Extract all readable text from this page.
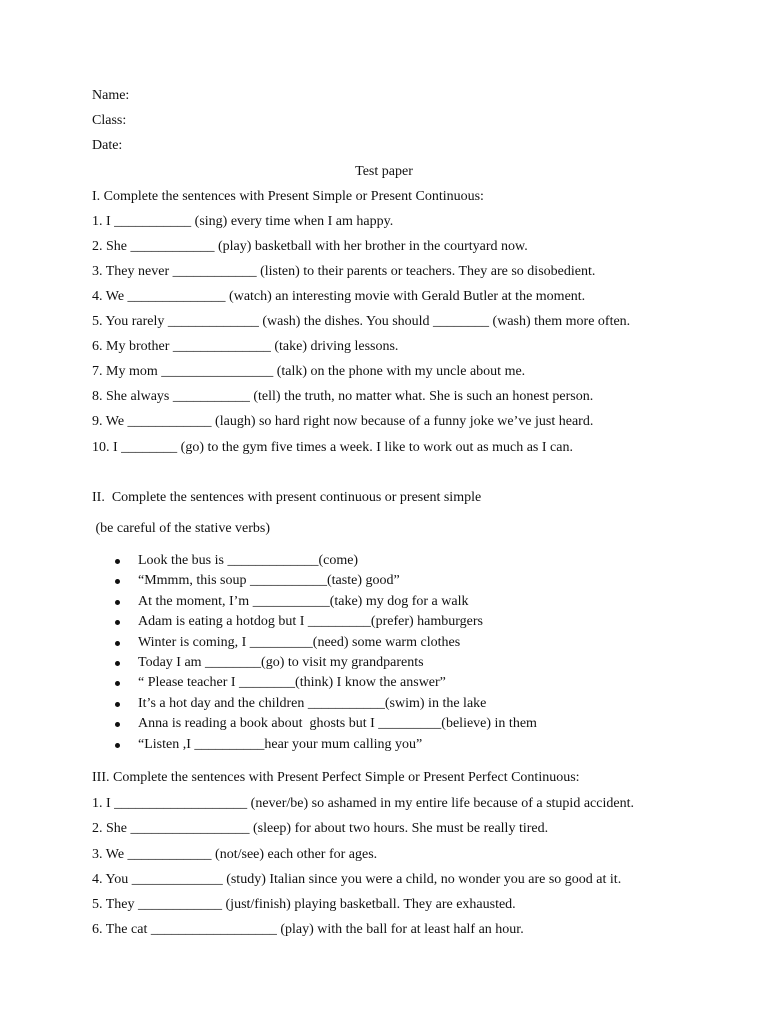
Name:
Class:
Date:
Test paper
I. Complete the sentences with Present Simple or Present Continuous:
1. I ___________ (sing) every time when I am happy.
2. She ____________ (play) basketball with her brother in the courtyard now.
3. They never ____________ (listen) to their parents or teachers. They are so disobedient.
4. We ______________ (watch) an interesting movie with Gerald Butler at the moment.
5. You rarely _____________ (wash) the dishes. You should ________ (wash) them more often.
6. My brother ______________ (take) driving lessons.
7. My mom ________________ (talk) on the phone with my uncle about me.
8. She always ___________ (tell) the truth, no matter what. She is such an honest person.
9. We ____________ (laugh) so hard right now because of a funny joke we’ve just heard.
10. I ________ (go) to the gym five times a week. I like to work out as much as I can.
II.  Complete the sentences with present continuous or present simple
(be careful of the stative verbs)
Look the bus is _____________(come)
“Mmmm, this soup ___________(taste) good”
At the moment, I’m ___________(take) my dog for a walk
Adam is eating a hotdog but I _________(prefer) hamburgers
Winter is coming, I _________(need) some warm clothes
Today I am ________(go) to visit my grandparents
“ Please teacher I ________(think) I know the answer”
It’s a hot day and the children ___________(swim) in the lake
Anna is reading a book about  ghosts but I _________(believe) in them
“Listen ,I __________hear your mum calling you”
III. Complete the sentences with Present Perfect Simple or Present Perfect Continuous:
1. I ___________________ (never/be) so ashamed in my entire life because of a stupid accident.
2. She _________________ (sleep) for about two hours. She must be really tired.
3. We ____________ (not/see) each other for ages.
4. You _____________ (study) Italian since you were a child, no wonder you are so good at it.
5. They ____________ (just/finish) playing basketball. They are exhausted.
6. The cat __________________ (play) with the ball for at least half an hour.
